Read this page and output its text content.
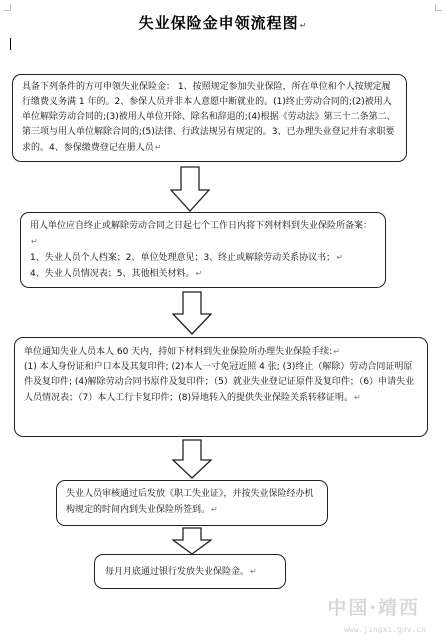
失业保险金申领流程图↵

具备下列条件的方可申领失业保险金： 1、按照规定参加失业保险，所在单位和个人按规定履行缴费义务满 1 年的。2、参保人员并非本人意愿中断就业的。(1)终止劳动合同的;(2)被用人单位解除劳动合同的;(3)被用人单位开除、除名和辞退的;(4)根据《劳动法》第三十二条第二、第三项与用人单位解除合同的;(5)法律、行政法规另有规定的。3、已办理失业登记并有求职要求的。4、参保缴费登记在册人员↵

用人单位应自终止或解除劳动合同之日起七个工作日内将下列材料到失业保险所备案：↵

1、失业人员个人档案；2、单位处理意见；3、终止或解除劳动关系协议书；↵

4、失业人员情况表；5、其他相关材料。↵

单位通知失业人员本人 60 天内，持如下材料到失业保险所办理失业保险手续:↵

(1) 本人身份证和户口本及其复印件; (2)本人一寸免冠近照 4 张; (3)终止（解除）劳动合同证明原件及复印件; (4)解除劳动合同书原件及复印件；（5）就业失业登记证原件及复印件；（6）申请失业人员情况表；（7）本人工行卡复印件；(8)异地转入的提供失业保险关系转移证明。↵

失业人员审核通过后发放《职工失业证》，并按失业保险经办机构规定的时间内到失业保险所签到。↵

每月月底通过银行发放失业保险金。↵

中国·靖西
www.jingxi.gov.cn
